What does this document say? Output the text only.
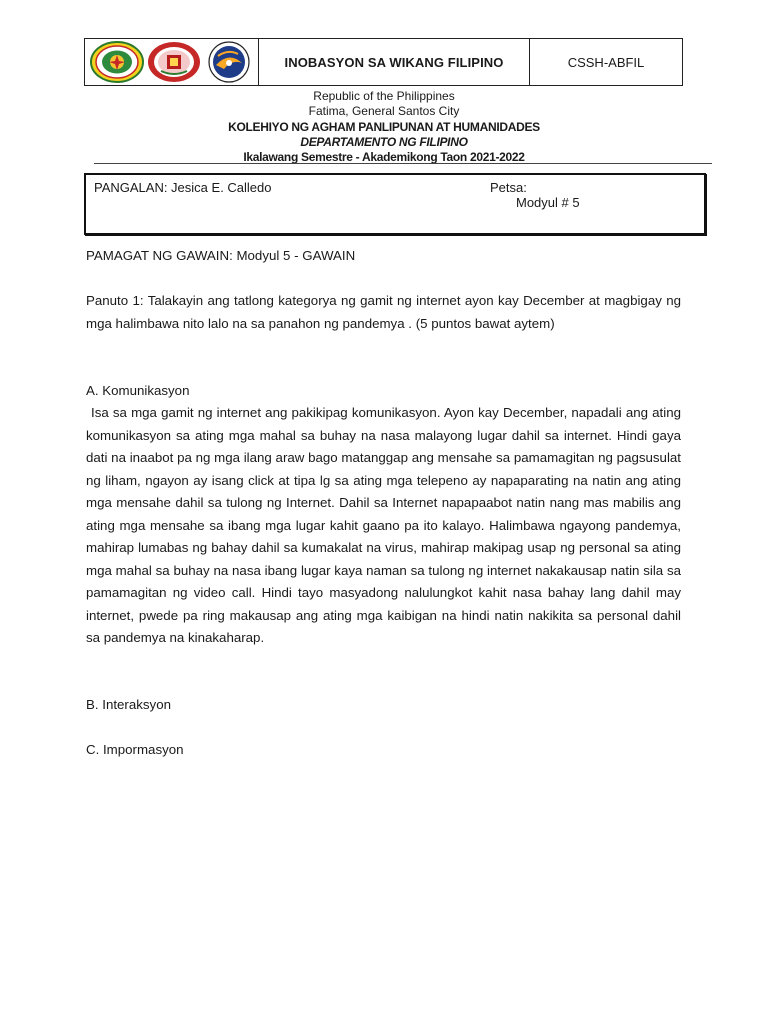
INOBASYON SA WIKANG FILIPINO	CSSH-ABFIL
Republic of the Philippines
Fatima, General Santos City
KOLEHIYO NG AGHAM PANLIPUNAN AT HUMANIDADES
DEPARTAMENTO NG FILIPINO
Ikalawang Semestre - Akademikong Taon 2021-2022
PANGALAN: Jesica E. Calledo	Petsa:
Modyul # 5
PAMAGAT NG GAWAIN: Modyul 5 - GAWAIN
Panuto 1: Talakayin ang tatlong kategorya ng gamit ng internet ayon kay December at magbigay ng mga halimbawa nito lalo na sa panahon ng pandemya . (5 puntos bawat aytem)
A. Komunikasyon
Isa sa mga gamit ng internet ang pakikipag komunikasyon. Ayon kay December, napadali ang ating komunikasyon sa ating mga mahal sa buhay na nasa malayong lugar dahil sa internet. Hindi gaya dati na inaabot pa ng mga ilang araw bago matanggap ang mensahe sa pamamagitan ng pagsusulat ng liham, ngayon ay isang click at tipa lg sa ating mga telepeno ay napaparating na natin ang ating mga mensahe dahil sa tulong ng Internet. Dahil sa Internet napapaabot natin nang mas mabilis ang ating mga mensahe sa ibang mga lugar kahit gaano pa ito kalayo. Halimbawa ngayong pandemya, mahirap lumabas ng bahay dahil sa kumakalat na virus, mahirap makipag usap ng personal sa ating mga mahal sa buhay na nasa ibang lugar kaya naman sa tulong ng internet nakakausap natin sila sa pamamagitan ng video call. Hindi tayo masyadong nalulungkot kahit nasa bahay lang dahil may internet, pwede pa ring makausap ang ating mga kaibigan na hindi natin nakikita sa personal dahil sa pandemya na kinakaharap.
B. Interaksyon
C. Impormasyon
